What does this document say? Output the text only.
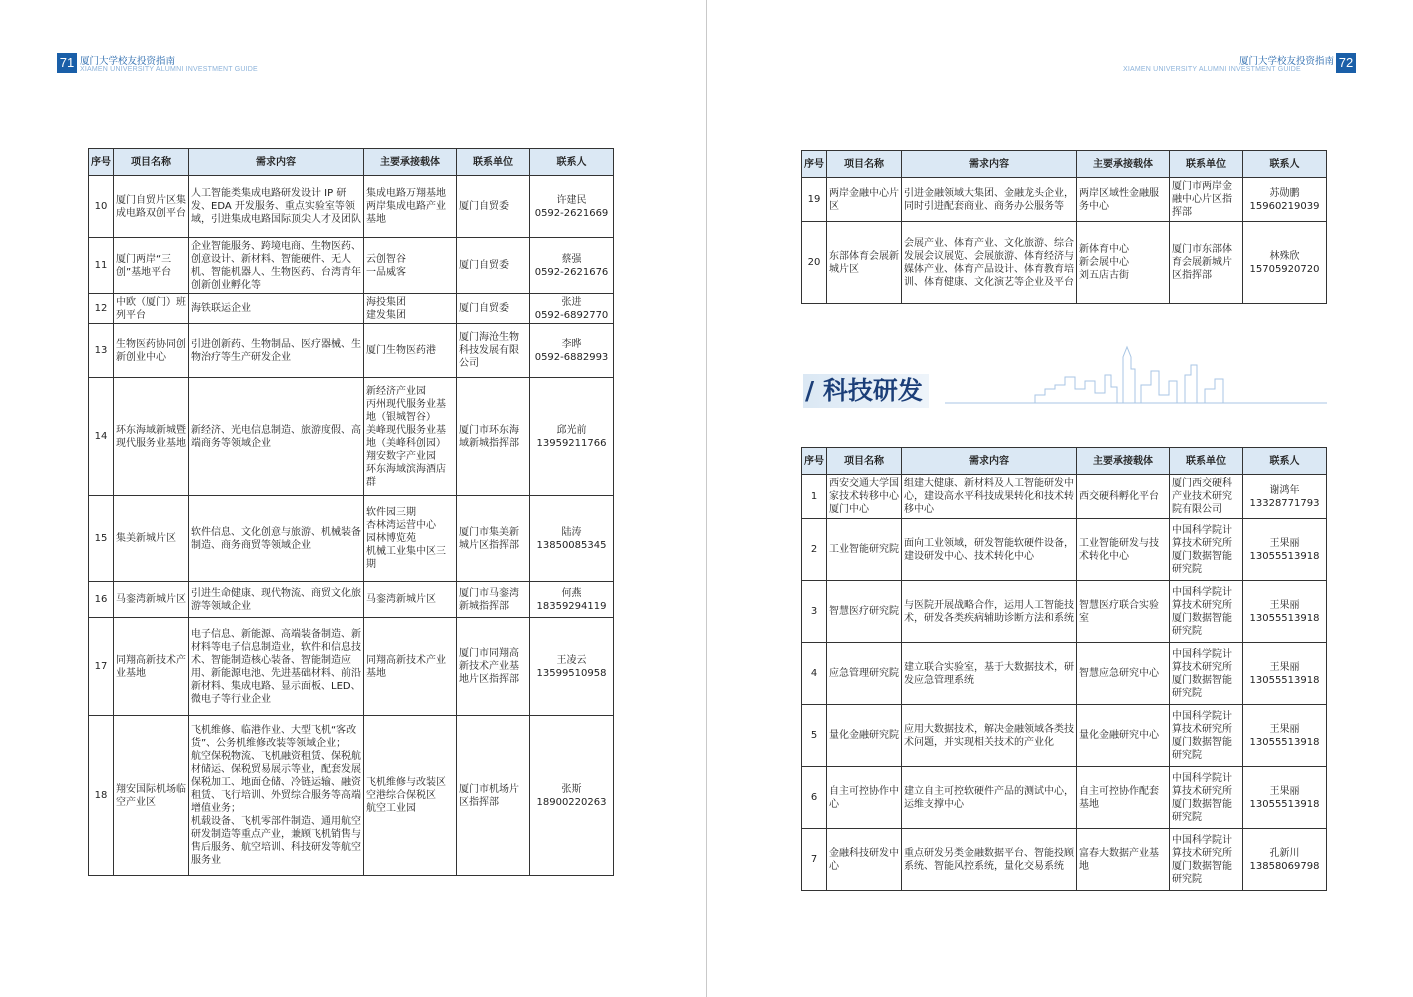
71 厦门大学校友投资指南
XIAMEN UNIVERSITY ALUMNI INVESTMENT GUIDE
序号	项目名称	需求内容	主要承接载体	联系单位	联系人
10	厦门自贸片区集成电路双创平台	人工智能类集成电路研发设计 IP 研发、EDA 开发服务、重点实验室等领域，引进集成电路国际顶尖人才及团队	集成电路万翔基地
两岸集成电路产业基地	厦门自贸委	许建民
0592-2621669
11	厦门两岸“三创”基地平台	企业智能服务、跨境电商、生物医药、创意设计、新材料、智能硬件、无人机、智能机器人、生物医药、台湾青年创新创业孵化等	云创智谷
一品威客	厦门自贸委	蔡强
0592-2621676
12	中欧（厦门）班列平台	海铁联运企业	海投集团
建发集团	厦门自贸委	张进
0592-6892770
13	生物医药协同创新创业中心	引进创新药、生物制品、医疗器械、生物治疗等生产研发企业	厦门生物医药港	厦门海沧生物科技发展有限公司	李晔
0592-6882993
14	环东海域新城暨现代服务业基地	新经济、光电信息制造、旅游度假、高端商务等领域企业	新经济产业园
丙州现代服务业基地（银城智谷）
美峰现代服务业基地（美峰科创园）
翔安数字产业园
环东海域滨海酒店群	厦门市环东海域新城指挥部	邱光前
13959211766
15	集美新城片区	软件信息、文化创意与旅游、机械装备制造、商务商贸等领域企业	软件园三期
杏林湾运营中心
园林博览苑
机械工业集中区三期	厦门市集美新城片区指挥部	陆涛
13850085345
16	马銮湾新城片区	引进生命健康、现代物流、商贸文化旅游等领域企业	马銮湾新城片区	厦门市马銮湾新城指挥部	何燕
18359294119
17	同翔高新技术产业基地	电子信息、新能源、高端装备制造、新材料等电子信息制造业，软件和信息技术、智能制造核心装备、智能制造应用、新能源电池、先进基础材料、前沿新材料、集成电路、显示面板、LED、微电子等行业企业	同翔高新技术产业基地	厦门市同翔高新技术产业基地片区指挥部	王凌云
13599510958
18	翔安国际机场临空产业区	飞机维修、临港作业、大型飞机“客改货”、公务机维修改装等领域企业；
航空保税物流、飞机融资租赁、保税航材储运、保税贸易展示等业，配套发展保税加工、地面仓储、冷链运输、融资租赁、飞行培训、外贸综合服务等高端增值业务；
机载设备、飞机零部件制造、通用航空研发制造等重点产业，兼顾飞机销售与售后服务、航空培训、科技研发等航空服务业	飞机维修与改装区
空港综合保税区
航空工业园	厦门市机场片区指挥部	张斯
18900220263
厦门大学校友投资指南
XIAMEN UNIVERSITY ALUMNI INVESTMENT GUIDE	72
序号	项目名称	需求内容	主要承接载体	联系单位	联系人
19	两岸金融中心片区	引进金融领域大集团、金融龙头企业，同时引进配套商业、商务办公服务等	两岸区域性金融服务中心	厦门市两岸金融中心片区指挥部	苏勋鹏
15960219039
20	东部体育会展新城片区	会展产业、体育产业、文化旅游、综合发展会议展览、会展旅游、体育经济与媒体产业、体育产品设计、体育教育培训、体育健康、文化演艺等企业及平台	新体育中心
新会展中心
刘五店古街	厦门市东部体育会展新城片区指挥部	林殊欣
15705920720
/ 科技研发
序号	项目名称	需求内容	主要承接载体	联系单位	联系人
1	西安交通大学国家技术转移中心厦门中心	组建大健康、新材料及人工智能研发中心，建设高水平科技成果转化和技术转移中心	西交硬科孵化平台	厦门西交硬科产业技术研究院有限公司	谢鸿年
13328771793
2	工业智能研究院	面向工业领域，研发智能软硬件设备，建设研发中心、技术转化中心	工业智能研发与技术转化中心	中国科学院计算技术研究所厦门数据智能研究院	王果丽
13055513918
3	智慧医疗研究院	与医院开展战略合作，运用人工智能技术，研发各类疾病辅助诊断方法和系统	智慧医疗联合实验室	中国科学院计算技术研究所厦门数据智能研究院	王果丽
13055513918
4	应急管理研究院	建立联合实验室，基于大数据技术，研发应急管理系统	智慧应急研究中心	中国科学院计算技术研究所厦门数据智能研究院	王果丽
13055513918
5	量化金融研究院	应用大数据技术，解决金融领域各类技术问题，并实现相关技术的产业化	量化金融研究中心	中国科学院计算技术研究所厦门数据智能研究院	王果丽
13055513918
6	自主可控协作中心	建立自主可控软硬件产品的测试中心，运维支撑中心	自主可控协作配套基地	中国科学院计算技术研究所厦门数据智能研究院	王果丽
13055513918
7	金融科技研发中心	重点研发另类金融数据平台、智能投顾系统、智能风控系统，量化交易系统	富春大数据产业基地	中国科学院计算技术研究所厦门数据智能研究院	孔新川
13858069798
